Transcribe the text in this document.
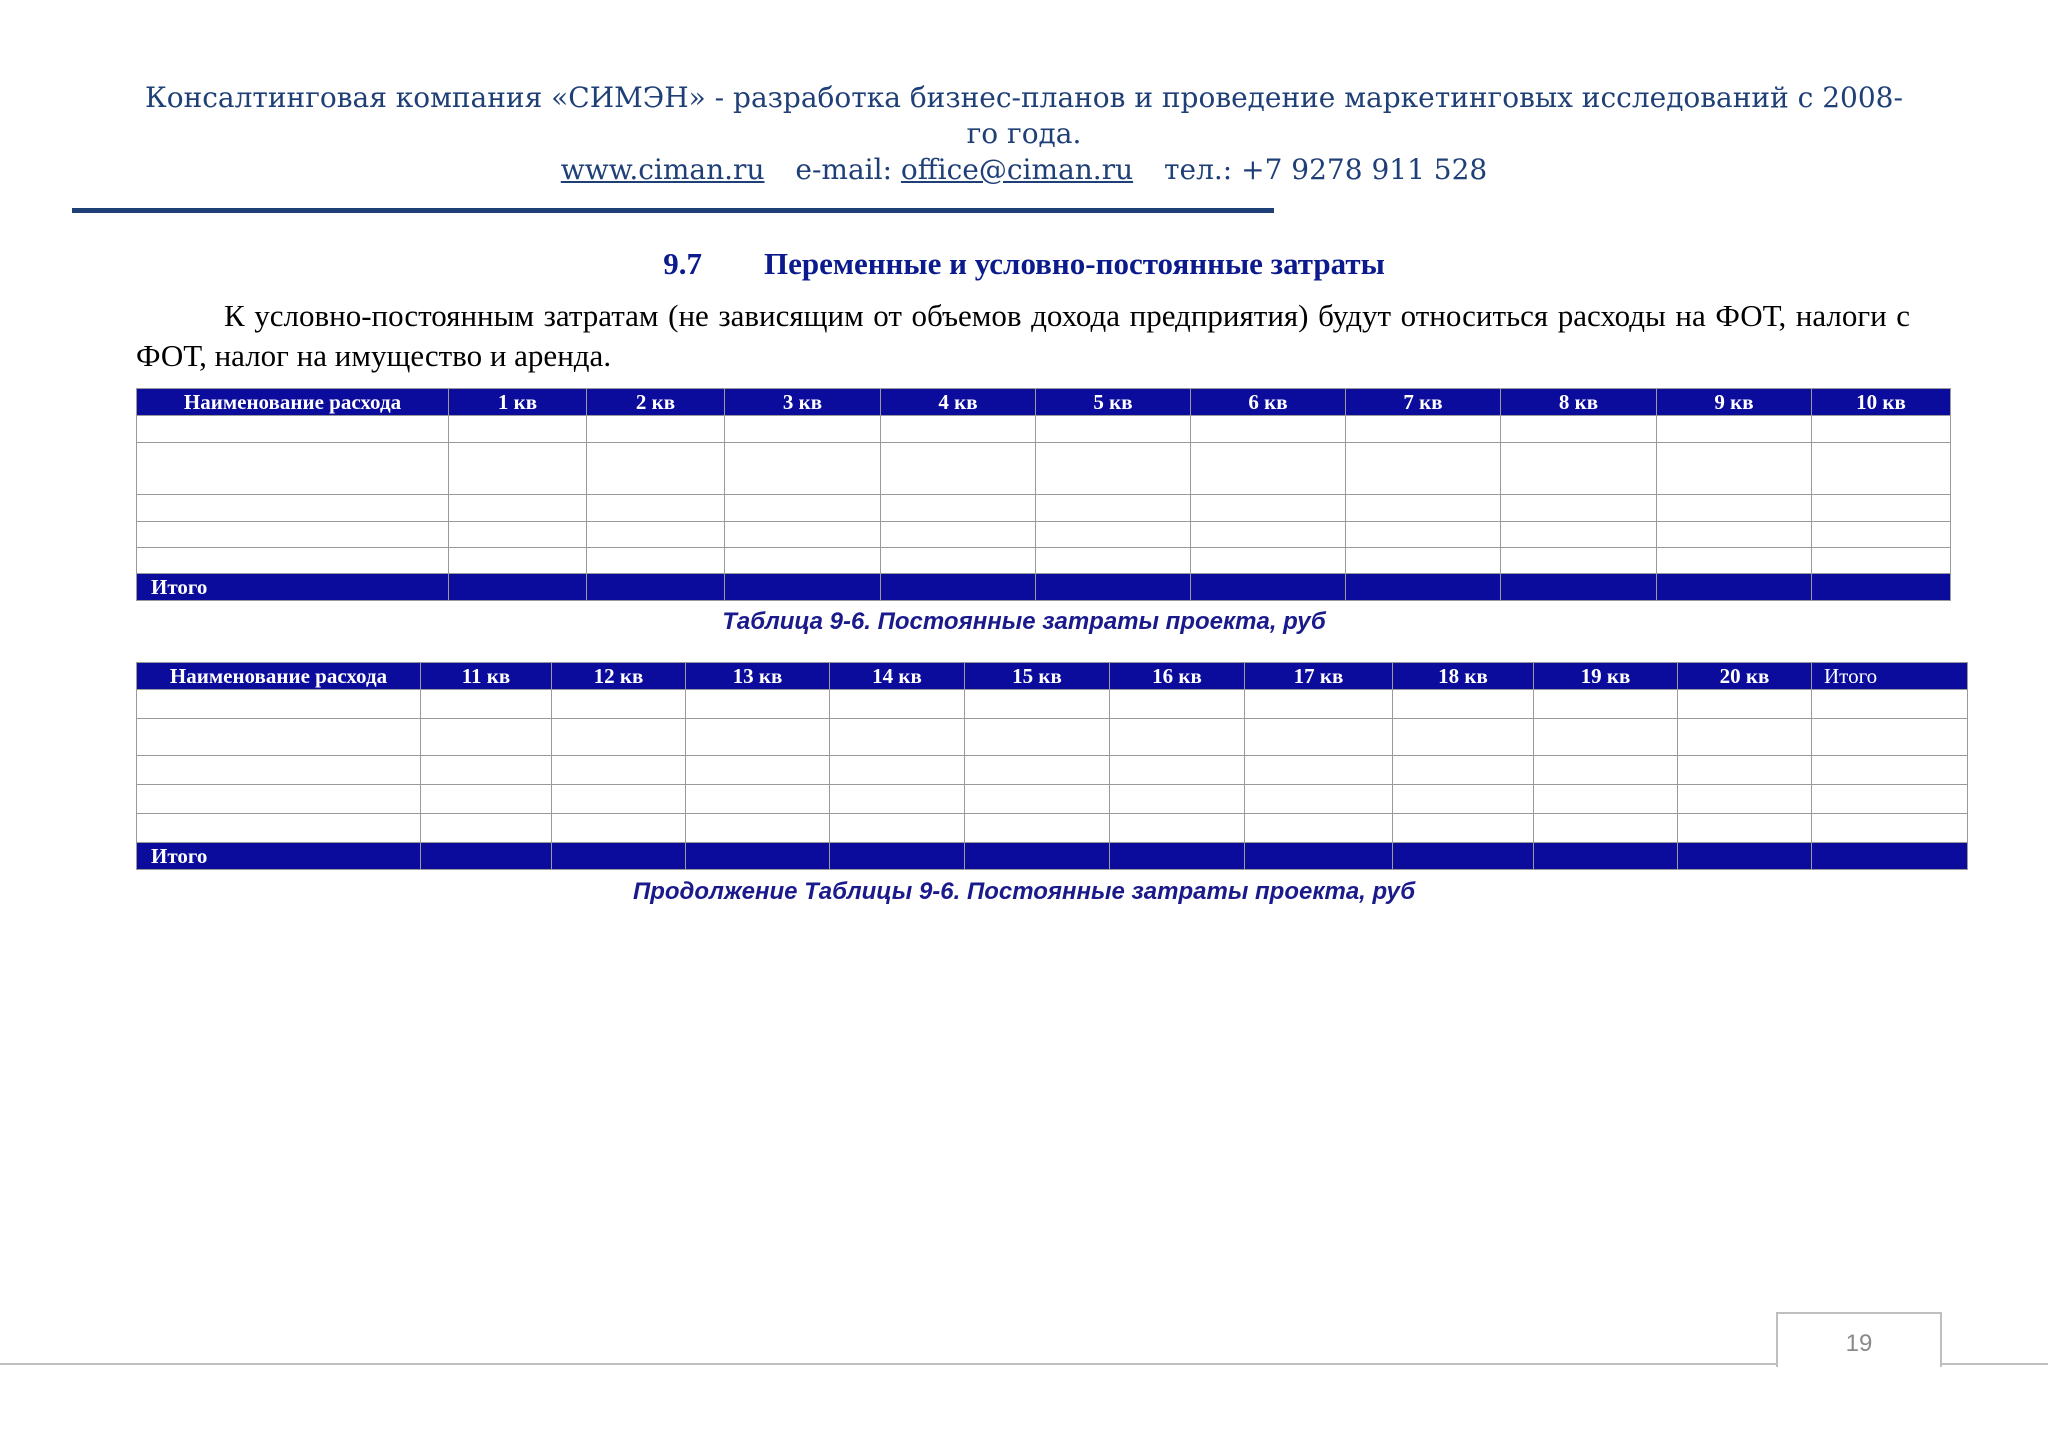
Консалтинговая компания «СИМЭН» - разработка бизнес-планов и проведение маркетинговых исследований с 2008-
го года.
www.ciman.ru e-mail: office@ciman.ru тел.: +7 9278 911 528
9.7 Переменные и условно-постоянные затраты
К условно-постоянным затратам (не зависящим от объемов дохода предприятия) будут относиться расходы на ФОТ, налоги с ФОТ, налог на имущество и аренда.
Наименование расхода	1 кв	2 кв	3 кв	4 кв	5 кв	6 кв	7 кв	8 кв	9 кв	10 кв

Итого										
Таблица 9-6. Постоянные затраты проекта, руб
Наименование расхода	11 кв	12 кв	13 кв	14 кв	15 кв	16 кв	17 кв	18 кв	19 кв	20 кв	Итого

Итого											
Продолжение Таблицы 9-6. Постоянные затраты проекта, руб
19
